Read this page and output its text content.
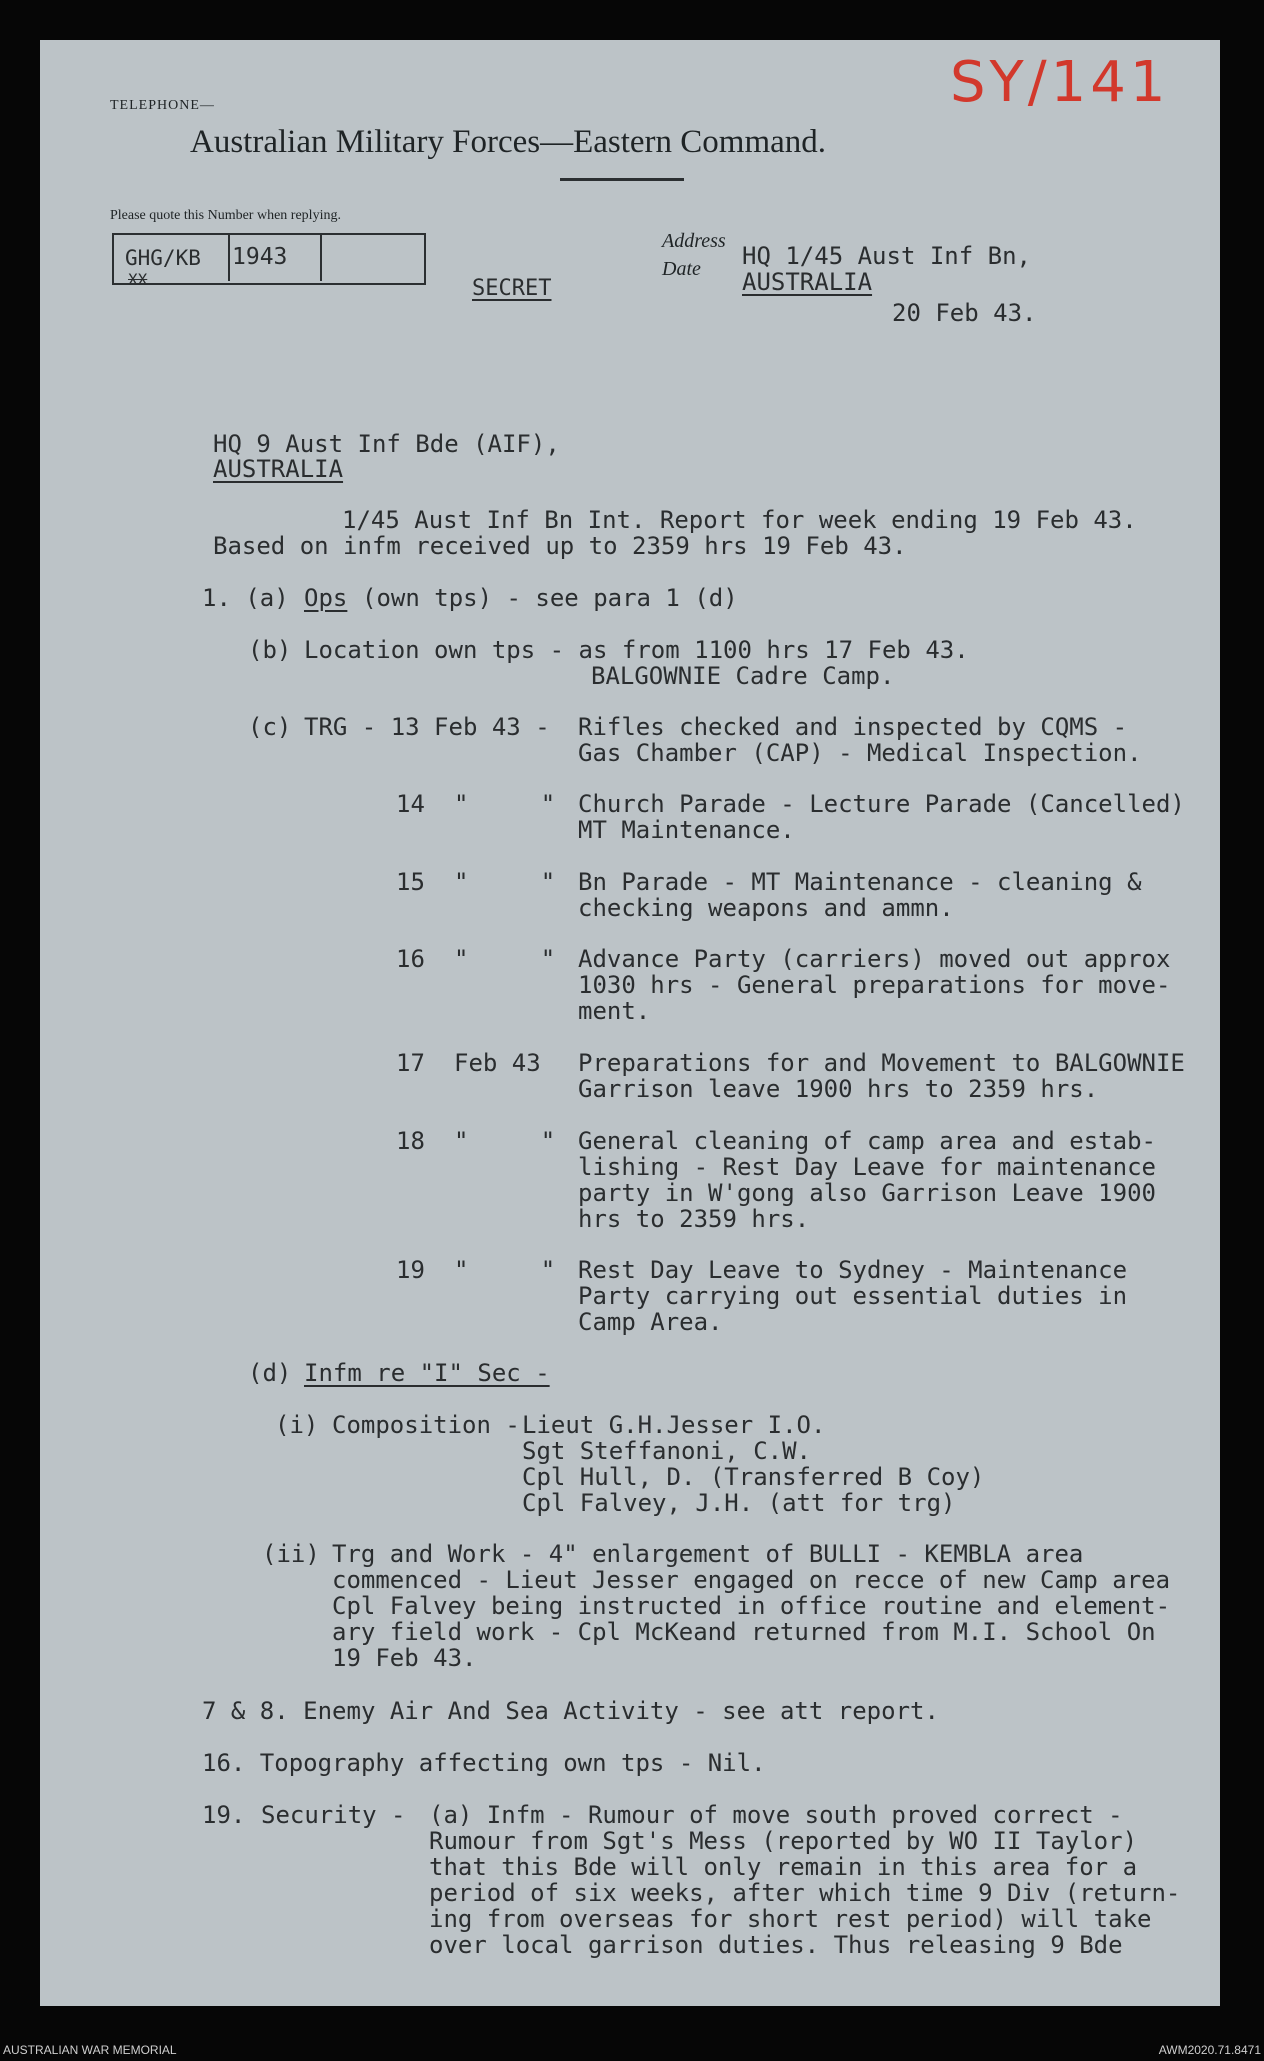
SY/141
TELEPHONE—
Australian Military Forces—Eastern Command.
Please quote this Number when replying.
GHG/KB
XX
1943
SECRET
Address
Date HQ 1/45 Aust Inf Bn,
AUSTRALIA
20 Feb 43.
HQ 9 Aust Inf Bde (AIF),
AUSTRALIA
1/45 Aust Inf Bn Int. Report for week ending 19 Feb 43.
Based on infm received up to 2359 hrs 19 Feb 43.
1. (a) Ops (own tps) - see para 1 (d)
(b) Location own tps - as from 1100 hrs 17 Feb 43.
BALGOWNIE Cadre Camp.
(c) TRG - 13 Feb 43 - Rifles checked and inspected by CQMS -
Gas Chamber (CAP) - Medical Inspection.
14 "     " Church Parade - Lecture Parade (Cancelled)
MT Maintenance.
15 "     " Bn Parade - MT Maintenance - cleaning &
checking weapons and ammn.
16 "     " Advance Party (carriers) moved out approx
1030 hrs - General preparations for move-
ment.
17 Feb 43 Preparations for and Movement to BALGOWNIE
Garrison leave 1900 hrs to 2359 hrs.
18 "     " General cleaning of camp area and estab-
lishing - Rest Day Leave for maintenance
party in W'gong also Garrison Leave 1900
hrs to 2359 hrs.
19 "     " Rest Day Leave to Sydney - Maintenance
Party carrying out essential duties in
Camp Area.
(d) Infm re "I" Sec -
(i) Composition - Lieut G.H.Jesser I.O.
Sgt Steffanoni, C.W.
Cpl Hull, D. (Transferred B Coy)
Cpl Falvey, J.H. (att for trg)
(ii) Trg and Work - 4" enlargement of BULLI - KEMBLA area
commenced - Lieut Jesser engaged on recce of new Camp area
Cpl Falvey being instructed in office routine and element-
ary field work - Cpl McKeand returned from M.I. School On
19 Feb 43.
7 & 8. Enemy Air And Sea Activity - see att report.
16. Topography affecting own tps - Nil.
19. Security - (a) Infm - Rumour of move south proved correct -
Rumour from Sgt's Mess (reported by WO II Taylor)
that this Bde will only remain in this area for a
period of six weeks, after which time 9 Div (return-
ing from overseas for short rest period) will take
over local garrison duties. Thus releasing 9 Bde
AUSTRALIAN WAR MEMORIAL	AWM2020.71.8471
